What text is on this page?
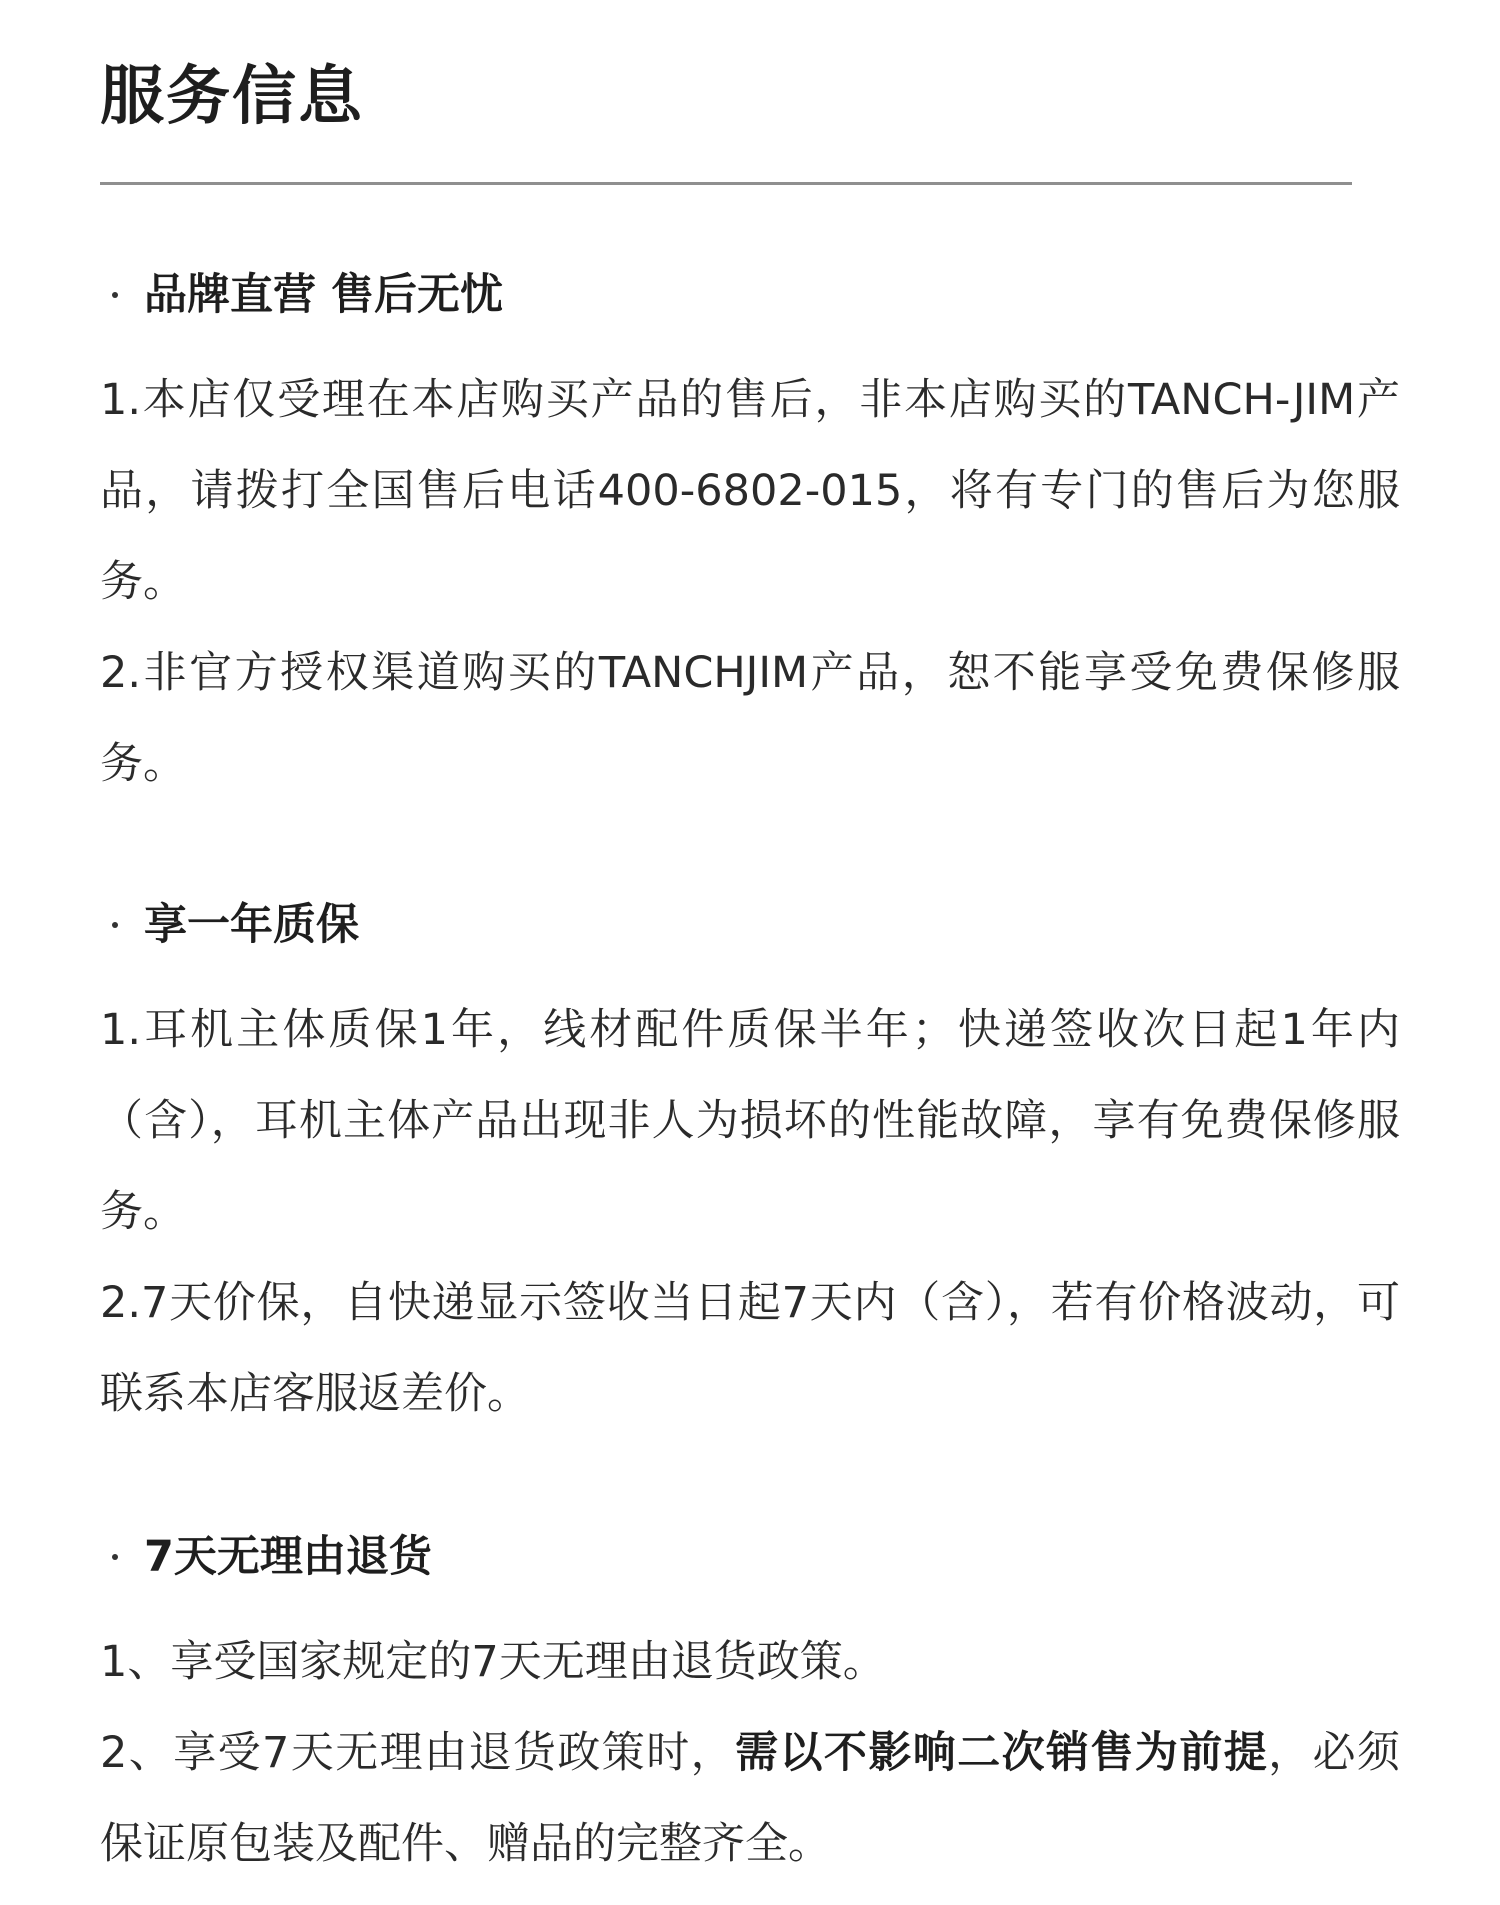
服务信息
品牌直营 售后无忧

1.本店仅受理在本店购买产品的售后，非本店购买的TANCH-JIM产品，请拨打全国售后电话400-6802-015，将有专门的售后为您服务。

2.非官方授权渠道购买的TANCHJIM产品，恕不能享受免费保修服务。

享一年质保

1.耳机主体质保1年，线材配件质保半年；快递签收次日起1年内（含），耳机主体产品出现非人为损坏的性能故障，享有免费保修服务。

2.7天价保，自快递显示签收当日起7天内（含），若有价格波动，可联系本店客服返差价。

7天无理由退货

1、享受国家规定的7天无理由退货政策。

2、享受7天无理由退货政策时，需以不影响二次销售为前提，必须保证原包装及配件、赠品的完整齐全。
